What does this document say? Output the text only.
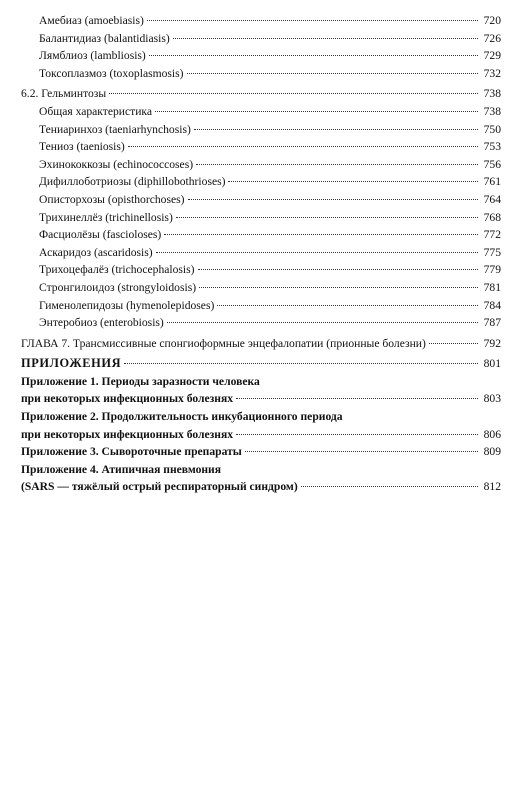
Амебиаз (amoebiasis)	720
Балантидиаз (balantidiasis)	726
Лямблиоз (lambliosis)	729
Токсоплазмоз (toxoplasmosis)	732
6.2. Гельминтозы	738
Общая характеристика	738
Тениаринхоз (taeniarhynchosis)	750
Тениоз (taeniosis)	753
Эхинококкозы (echinococcoses)	756
Дифиллоботриозы (diphillobothrioses)	761
Описторхозы (opisthorchoses)	764
Трихинеллёз (trichinellosis)	768
Фасциолёзы (fascioloses)	772
Аскаридоз (ascaridosis)	775
Трихоцефалёз (trichocephalosis)	779
Стронгилоидоз (strongyloidosis)	781
Гименолепидозы (hymenolepidoses)	784
Энтеробиоз (enterobiosis)	787
ГЛАВА 7. Трансмиссивные спонгиоформные энцефалопатии (прионные болезни)	792
ПРИЛОЖЕНИЯ	801
Приложение 1. Периоды заразности человека
при некоторых инфекционных болезнях	803
Приложение 2. Продолжительность инкубационного периода
при некоторых инфекционных болезнях	806
Приложение 3. Сывороточные препараты	809
Приложение 4. Атипичная пневмония
(SARS — тяжёлый острый респираторный синдром)	812
